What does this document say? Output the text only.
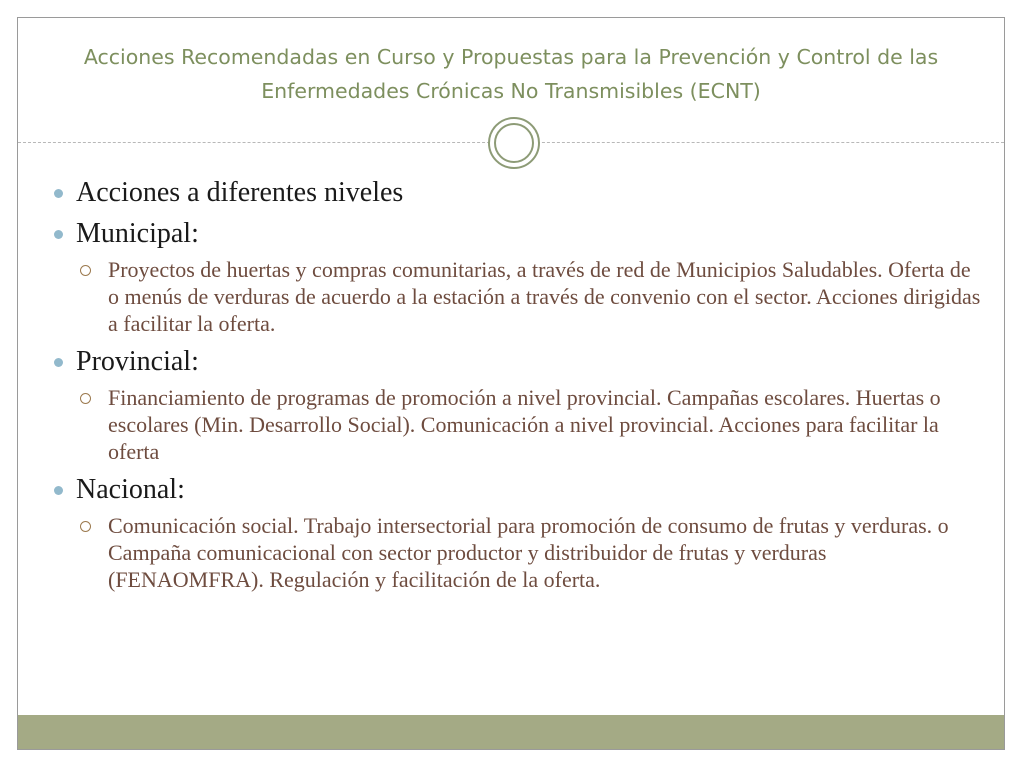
Acciones Recomendadas en Curso y Propuestas para la Prevención y Control de las Enfermedades Crónicas No Transmisibles (ECNT)
Acciones a diferentes niveles
Municipal:
Proyectos de huertas y compras comunitarias, a través de red de Municipios Saludables. Oferta de o menús de verduras de acuerdo a la estación a través de convenio con el sector. Acciones dirigidas a facilitar la oferta.
Provincial:
Financiamiento de programas de promoción a nivel provincial. Campañas escolares. Huertas o escolares (Min. Desarrollo Social). Comunicación a nivel provincial. Acciones para facilitar la oferta
Nacional:
Comunicación social. Trabajo intersectorial para promoción de consumo de frutas y verduras. o Campaña comunicacional con sector productor y distribuidor de frutas y verduras (FENAOMFRA). Regulación y facilitación de la oferta.
